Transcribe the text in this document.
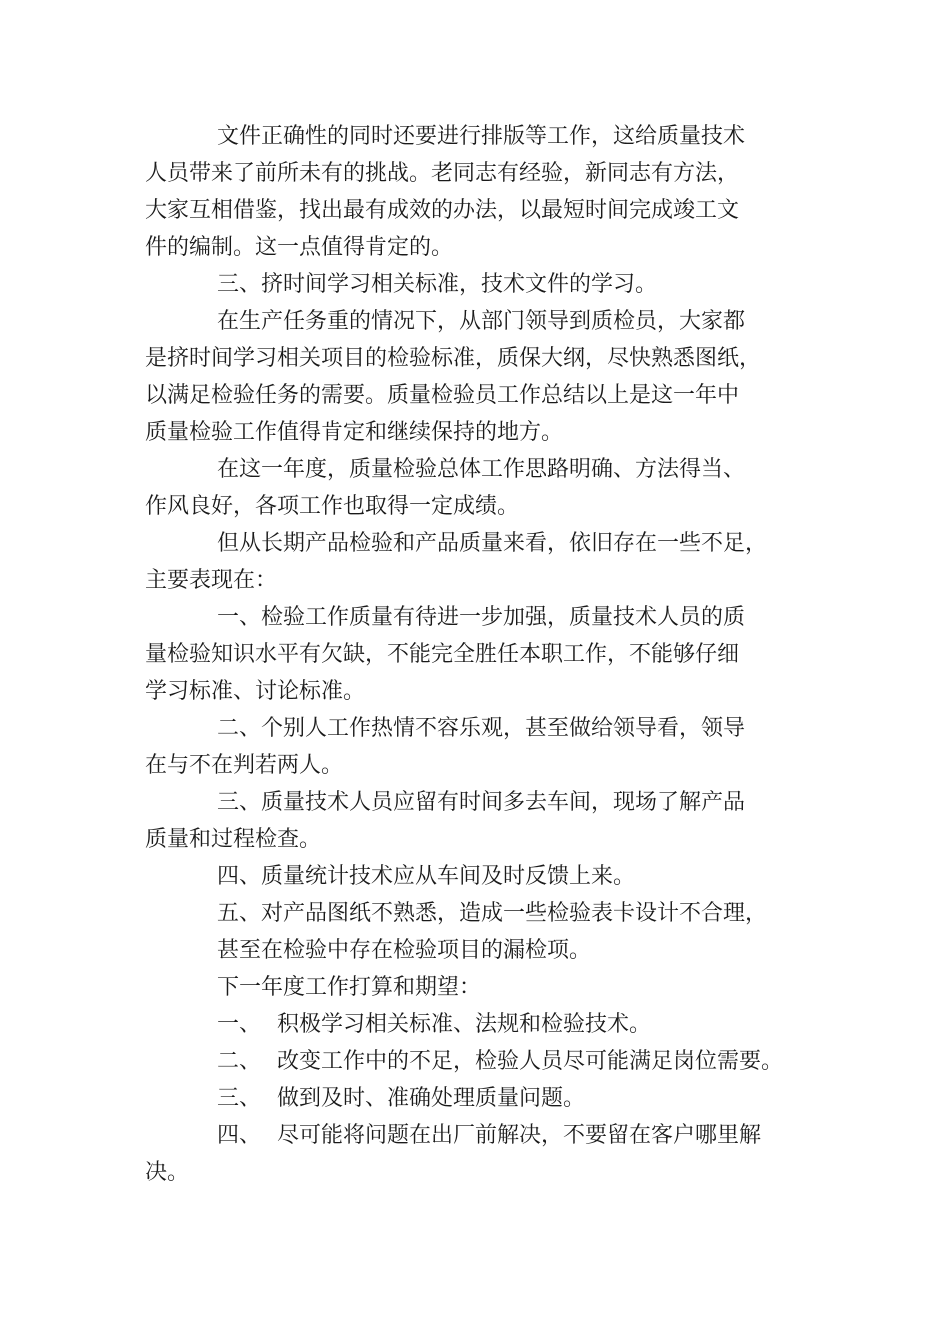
文件正确性的同时还要进行排版等工作，这给质量技术
人员带来了前所未有的挑战。老同志有经验，新同志有方法，
大家互相借鉴，找出最有成效的办法，以最短时间完成竣工文
件的编制。这一点值得肯定的。
三、挤时间学习相关标准，技术文件的学习。
在生产任务重的情况下，从部门领导到质检员，大家都
是挤时间学习相关项目的检验标准，质保大纲，尽快熟悉图纸，
以满足检验任务的需要。质量检验员工作总结以上是这一年中
质量检验工作值得肯定和继续保持的地方。
在这一年度，质量检验总体工作思路明确、方法得当、
作风良好，各项工作也取得一定成绩。
但从长期产品检验和产品质量来看，依旧存在一些不足，
主要表现在：
一、检验工作质量有待进一步加强，质量技术人员的质
量检验知识水平有欠缺，不能完全胜任本职工作，不能够仔细
学习标准、讨论标准。
二、个别人工作热情不容乐观，甚至做给领导看，领导
在与不在判若两人。
三、质量技术人员应留有时间多去车间，现场了解产品
质量和过程检查。
四、质量统计技术应从车间及时反馈上来。
五、对产品图纸不熟悉，造成一些检验表卡设计不合理，
甚至在检验中存在检验项目的漏检项。
下一年度工作打算和期望：
一、 积极学习相关标准、法规和检验技术。
二、 改变工作中的不足，检验人员尽可能满足岗位需要。
三、 做到及时、准确处理质量问题。
四、 尽可能将问题在出厂前解决，不要留在客户哪里解
决。
